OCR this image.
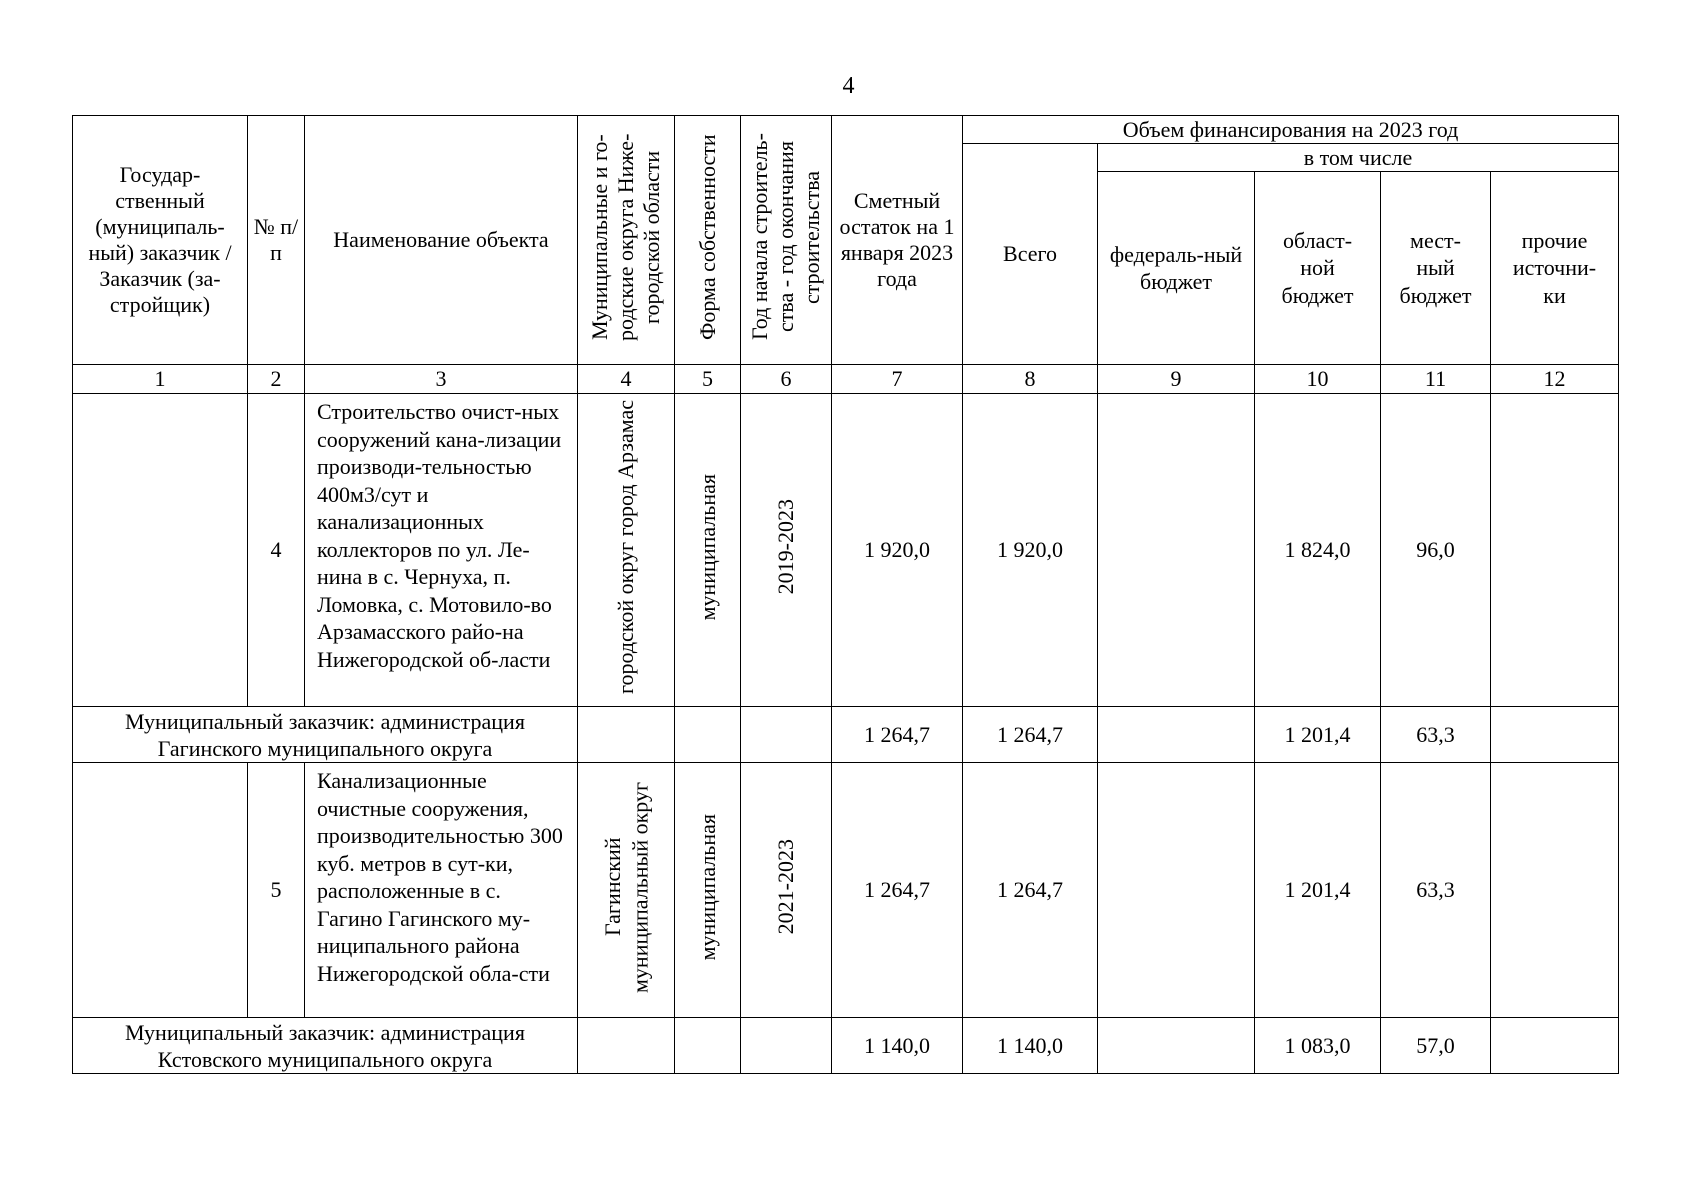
4
Государ-ственный (муниципаль-ный) заказчик / Заказчик (за-стройщик)	№ п/п	Наименование объекта	Муниципальные и го-родские округа Ниже-городской области	Форма собственности	Год начала строитель-ства - год окончания строительства	Сметный остаток на 1 января 2023 года	Объем финансирования на 2023 год				
							Всего	в том числе			
								федераль-ный бюджет	област-ной бюджет	мест-ный бюджет	прочие источни-ки
1	2	3	4	5	6	7	8	9	10	11	12
	4	Строительство очист-ных сооружений кана-лизации производи-тельностью 400м3/сут и канализационных коллекторов по ул. Ле-нина в с. Чернуха, п. Ломовка, с. Мотовило-во Арзамасского райо-на Нижегородской об-ласти	городской округ город Арзамас	муниципальная	2019-2023	1 920,0	1 920,0		1 824,0	96,0	
Муниципальный заказчик: администрация Гагинского муниципального округа						1 264,7	1 264,7		1 201,4	63,3	
	5	Канализационные очистные сооружения, производительностью 300 куб. метров в сут-ки, расположенные в с. Гагино Гагинского му-ниципального района Нижегородской обла-сти	Гагинский муниципальный округ	муниципальная	2021-2023	1 264,7	1 264,7		1 201,4	63,3	
Муниципальный заказчик: администрация Кстовского муниципального округа						1 140,0	1 140,0		1 083,0	57,0	
